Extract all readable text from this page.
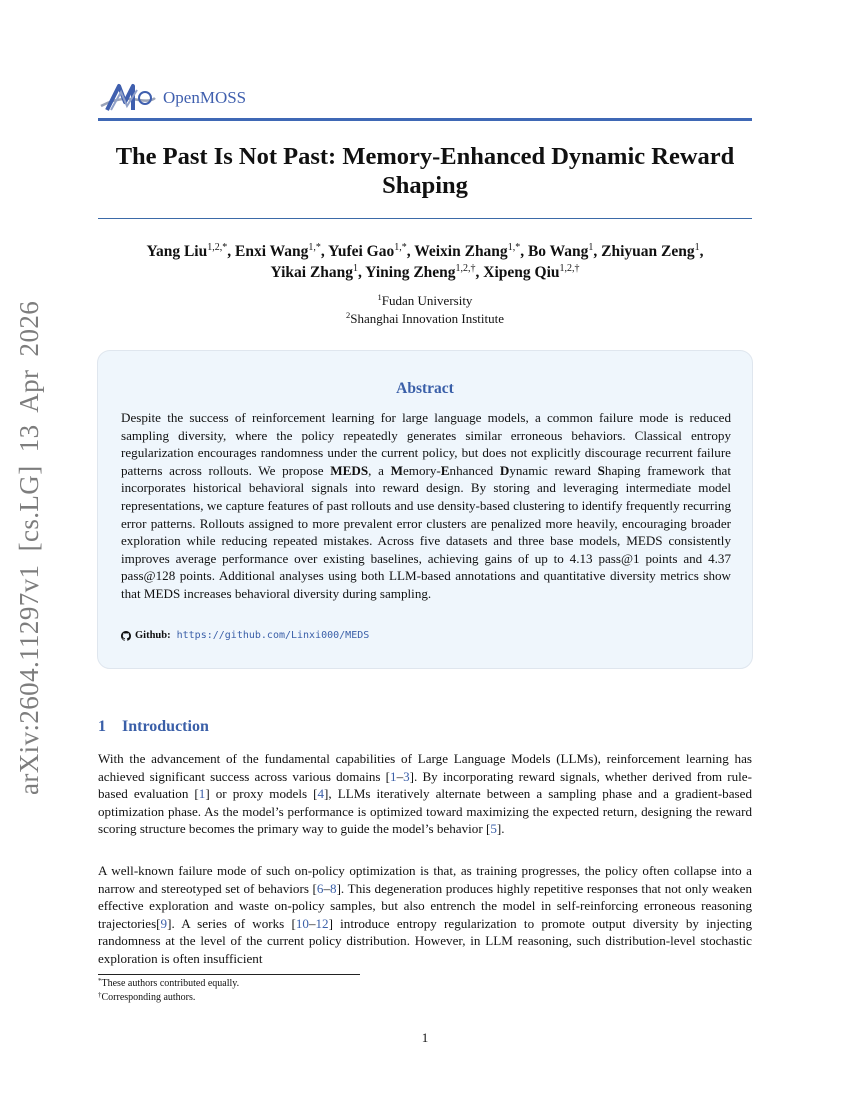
arXiv:2604.11297v1 [cs.LG] 13 Apr 2026
OpenMOSS
The Past Is Not Past: Memory-Enhanced Dynamic Reward Shaping
Yang Liu$^{1,2,*}$, Enxi Wang$^{1,*}$, Yufei Gao$^{1,*}$, Weixin Zhang$^{1,*}$, Bo Wang$^1$, Zhiyuan Zeng$^1$,
Yikai Zhang$^1$, Yining Zheng$^{1,2,\dagger}$, Xipeng Qiu$^{1,2,\dagger}$
$^1$Fudan University
$^2$Shanghai Innovation Institute
Abstract

Despite the success of reinforcement learning for large language models, a common failure mode is reduced sampling diversity, where the policy repeatedly generates similar erroneous behaviors. Classical entropy regularization encourages randomness under the current policy, but does not explicitly discourage recurrent failure patterns across rollouts. We propose MEDS, a Memory-Enhanced Dynamic reward Shaping framework that incorporates historical behavioral signals into reward design. By storing and leveraging intermediate model representations, we capture features of past rollouts and use density-based clustering to identify frequently recurring error patterns. Rollouts assigned to more prevalent error clusters are penalized more heavily, encouraging broader exploration while reducing repeated mistakes. Across five datasets and three base models, MEDS consistently improves average performance over existing baselines, achieving gains of up to 4.13 pass@1 points and 4.37 pass@128 points. Additional analyses using both LLM-based annotations and quantitative diversity metrics show that MEDS increases behavioral diversity during sampling.

Github: https://github.com/Linxi000/MEDS
1 Introduction

With the advancement of the fundamental capabilities of Large Language Models (LLMs), reinforcement learning has achieved significant success across various domains [1–3]. By incorporating reward signals, whether derived from rule-based evaluation [1] or proxy models [4], LLMs iteratively alternate between a sampling phase and a gradient-based optimization phase. As the model’s performance is optimized toward maximizing the expected return, designing the reward scoring structure becomes the primary way to guide the model’s behavior [5].

A well-known failure mode of such on-policy optimization is that, as training progresses, the policy often collapse into a narrow and stereotyped set of behaviors [6–8]. This degeneration produces highly repetitive responses that not only weaken effective exploration and waste on-policy samples, but also entrench the model in self-reinforcing erroneous reasoning trajectories[9]. A series of works [10–12] introduce entropy regularization to promote output diversity by injecting randomness at the level of the current policy distribution. However, in LLM reasoning, such distribution-level stochastic exploration is often insufficient

*These authors contributed equally.
†Corresponding authors.
1
